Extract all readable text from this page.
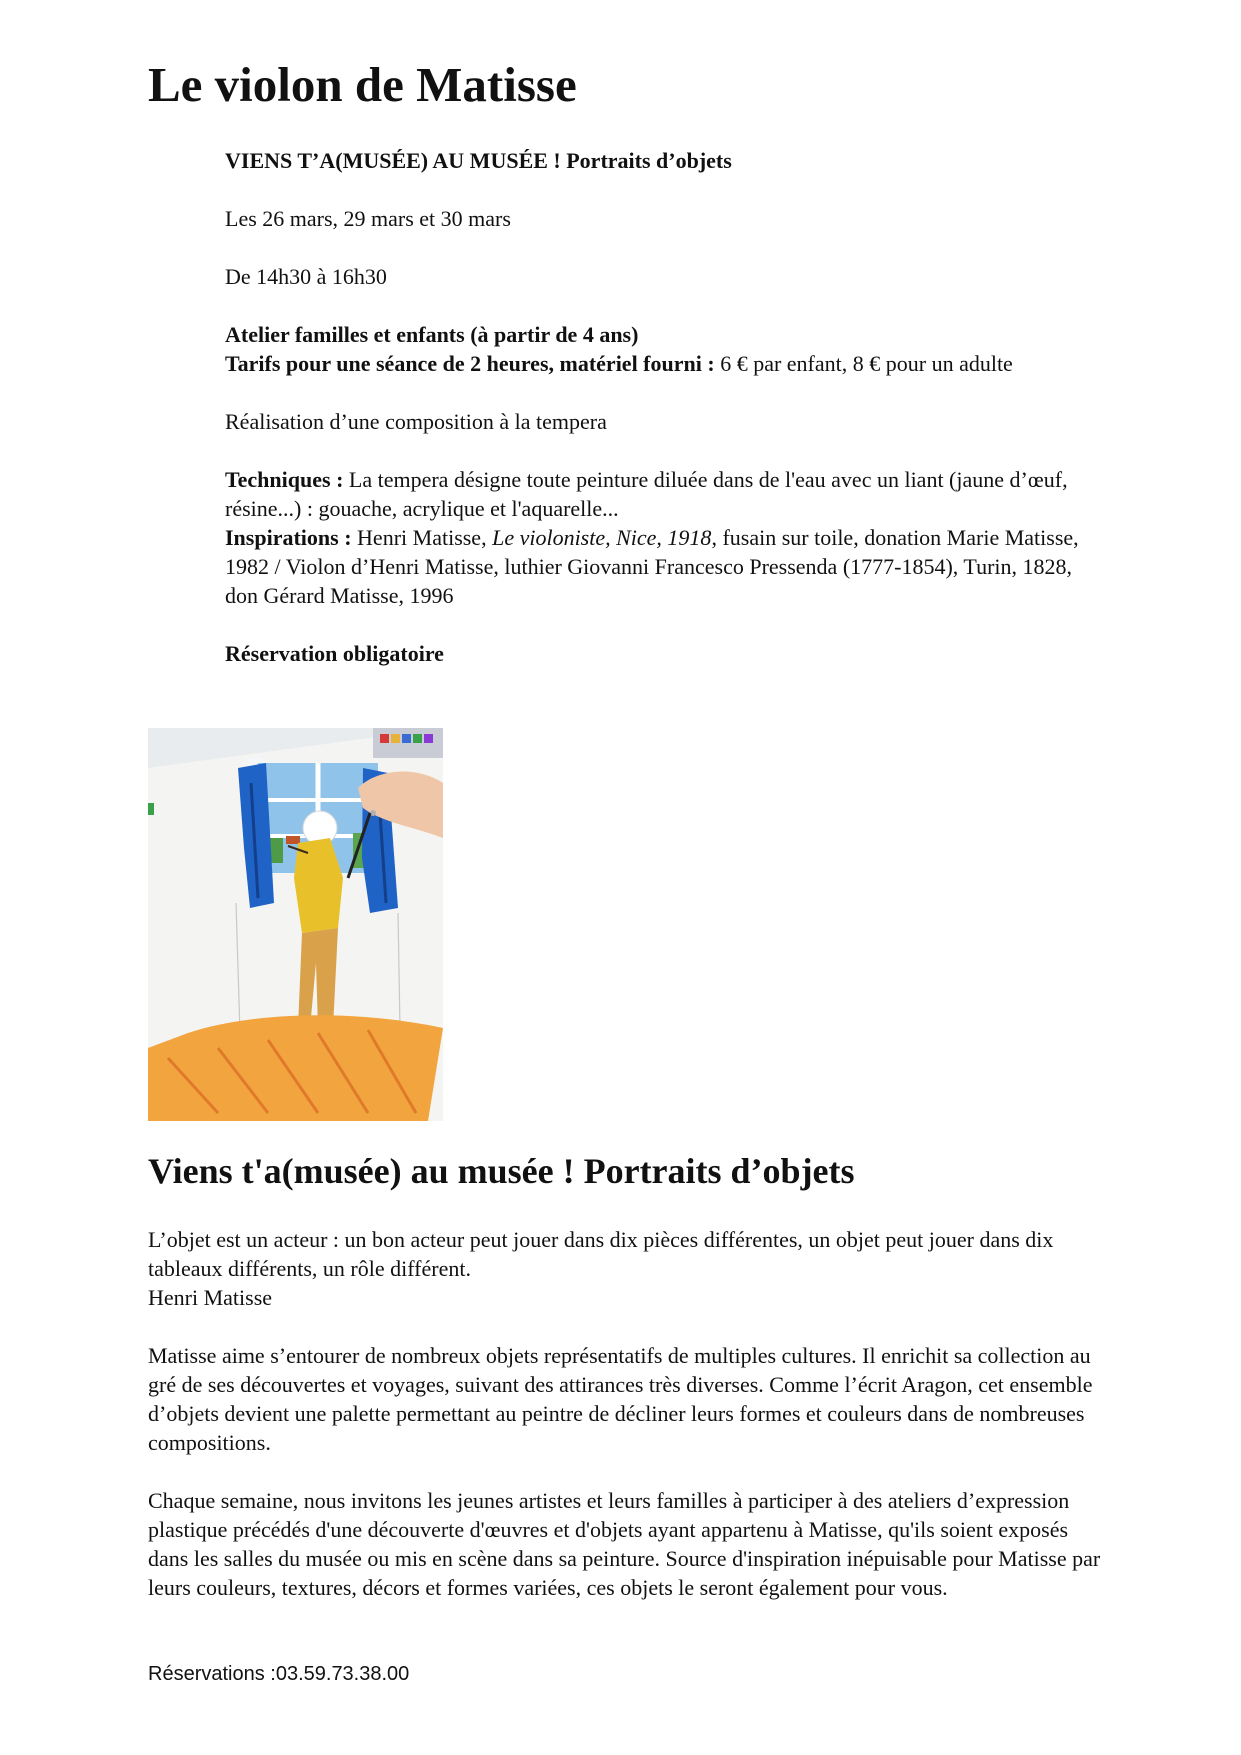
Le violon de Matisse

VIENS T’A(MUSÉE) AU MUSÉE ! Portraits d’objets

Les 26 mars, 29 mars et 30 mars

De 14h30 à 16h30

Atelier familles et enfants (à partir de 4 ans)

Tarifs pour une séance de 2 heures, matériel fourni : 6 € par enfant, 8 € pour un adulte

Réalisation d’une composition à la tempera

Techniques : La tempera désigne toute peinture diluée dans de l'eau avec un liant (jaune d’œuf, résine...) : gouache, acrylique et l'aquarelle...

Inspirations : Henri Matisse, Le violoniste, Nice, 1918, fusain sur toile, donation Marie Matisse, 1982 / Violon d’Henri Matisse, luthier Giovanni Francesco Pressenda (1777-1854), Turin, 1828, don Gérard Matisse, 1996

Réservation obligatoire

Viens t'a(musée) au musée ! Portraits d’objets

L’objet est un acteur : un bon acteur peut jouer dans dix pièces différentes, un objet peut jouer dans dix tableaux différents, un rôle différent.
Henri Matisse

Matisse aime s’entourer de nombreux objets représentatifs de multiples cultures. Il enrichit sa collection au gré de ses découvertes et voyages, suivant des attirances très diverses. Comme l’écrit Aragon, cet ensemble d’objets devient une palette permettant au peintre de décliner leurs formes et couleurs dans de nombreuses compositions.

Chaque semaine, nous invitons les jeunes artistes et leurs familles à participer à des ateliers d’expression plastique précédés d'une découverte d'œuvres et d'objets ayant appartenu à Matisse, qu'ils soient exposés dans les salles du musée ou mis en scène dans sa peinture. Source d'inspiration inépuisable pour Matisse par leurs couleurs, textures, décors et formes variées, ces objets le seront également pour vous.

Réservations :03.59.73.38.00
